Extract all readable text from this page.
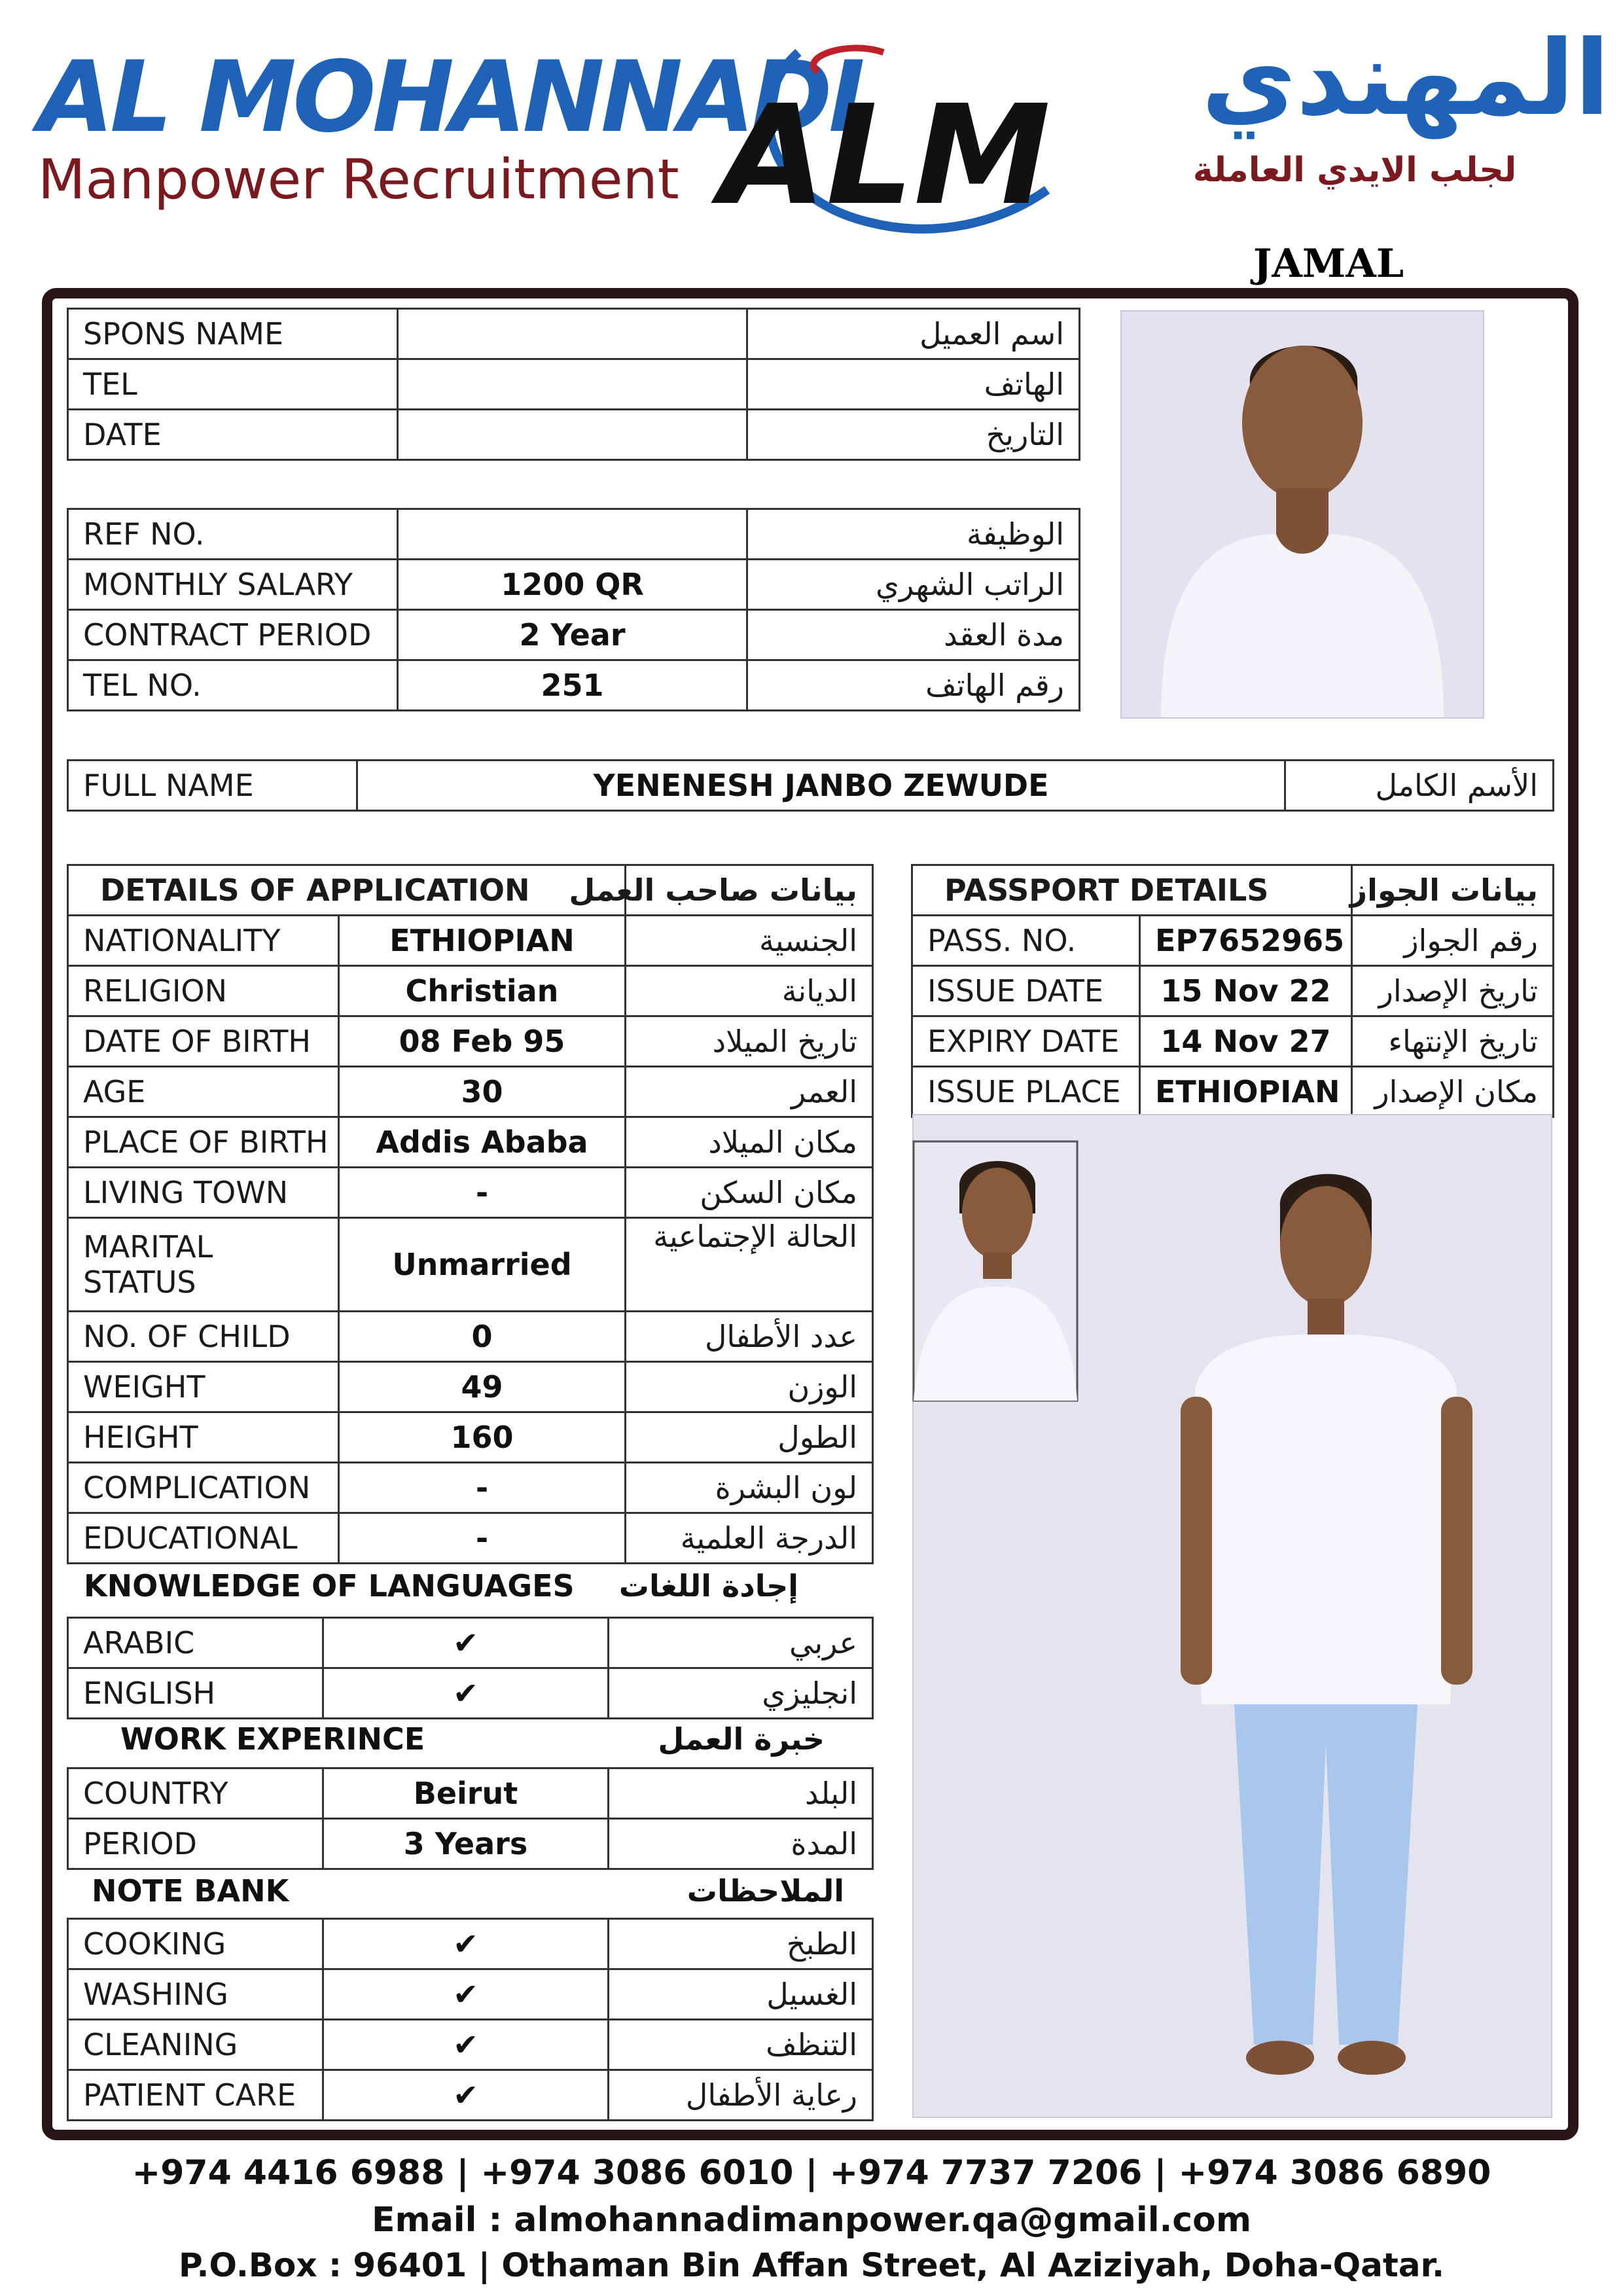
AL MOHANNADI
Manpower Recruitment ALM	المهندي
لجلب الايدي العاملة
JAMAL
SPONS NAME		اسم العميل
TEL		الهاتف
DATE		التاريخ
REF NO.		الوظيفة
MONTHLY SALARY	1200 QR	الراتب الشهري
CONTRACT PERIOD	2 Year	مدة العقد
TEL NO.	251	رقم الهاتف
FULL NAME	YENENESH JANBO ZEWUDE	الأسم الكامل
DETAILS OF APPLICATION		بيانات صاحب العمل
NATIONALITY	ETHIOPIAN	الجنسية
RELIGION	Christian	الديانة
DATE OF BIRTH	08 Feb 95	تاريخ الميلاد
AGE	30	العمر
PLACE OF BIRTH	Addis Ababa	مكان الميلاد
LIVING TOWN	-	مكان السكن
MARITAL STATUS	Unmarried	الحالة الإجتماعية
NO. OF CHILD	0	عدد الأطفال
WEIGHT	49	الوزن
HEIGHT	160	الطول
COMPLICATION	-	لون البشرة
EDUCATIONAL	-	الدرجة العلمية
KNOWLEDGE OF LANGUAGES	إجادة اللغات
ARABIC	✔	عربي
ENGLISH	✔	انجليزي
WORK EXPERINCE	خبرة العمل
COUNTRY	Beirut	البلد
PERIOD	3 Years	المدة
NOTE BANK	الملاحظات
COOKING	✔	الطبخ
WASHING	✔	الغسيل
CLEANING	✔	التنظف
PATIENT CARE	✔	رعاية الأطفال
PASSPORT DETAILS		بيانات الجواز
PASS. NO.	EP7652965	رقم الجواز
ISSUE DATE	15 Nov 22	تاريخ الإصدار
EXPIRY DATE	14 Nov 27	تاريخ الإنتهاء
ISSUE PLACE	ETHIOPIAN	مكان الإصدار
+974 4416 6988 | +974 3086 6010 | +974 7737 7206 | +974 3086 6890
Email : almohannadimanpower.qa@gmail.com
P.O.Box : 96401 | Othaman Bin Affan Street, Al Aziziyah, Doha-Qatar.
